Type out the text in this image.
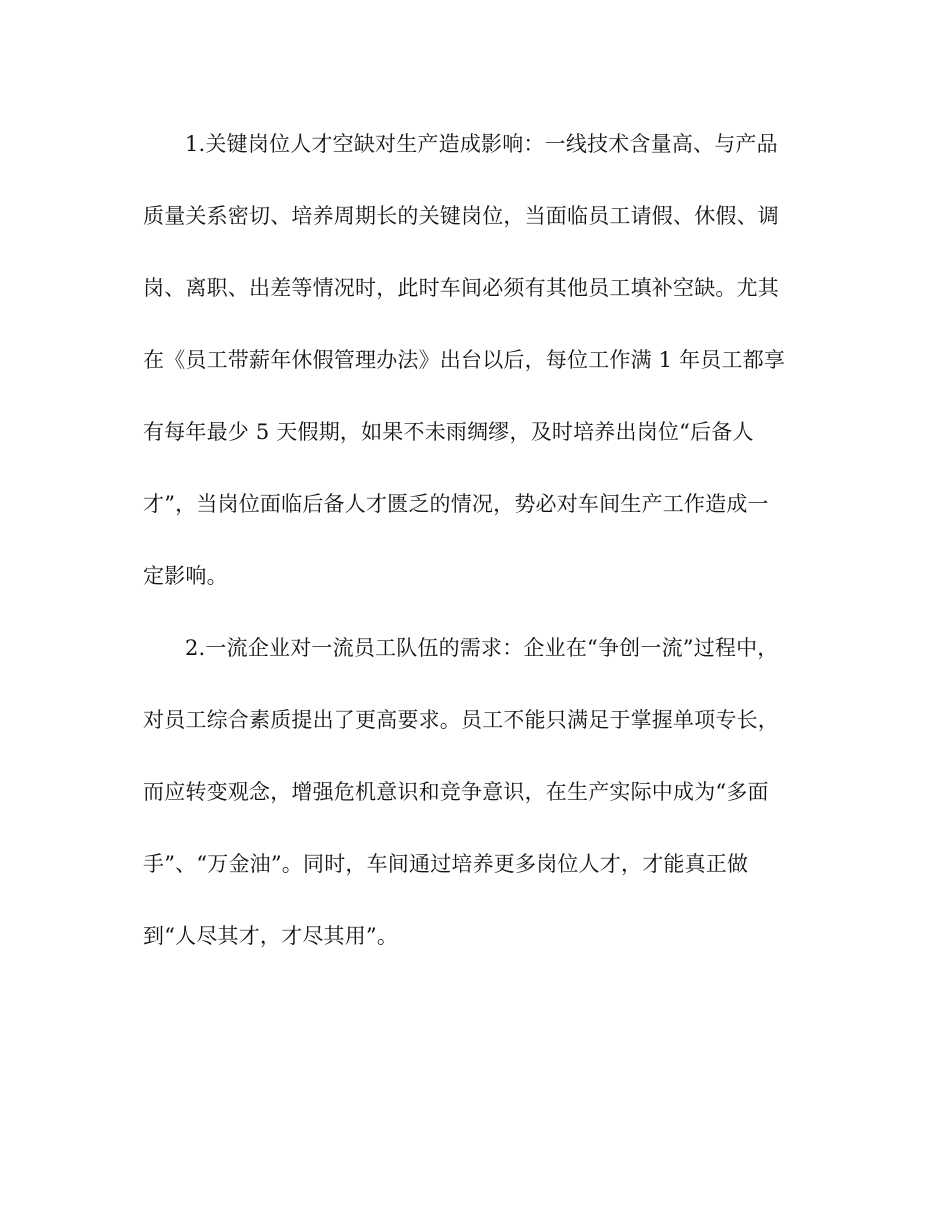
1.关键岗位人才空缺对生产造成影响：一线技术含量高、与产品
质量关系密切、培养周期长的关键岗位，当面临员工请假、休假、调
岗、离职、出差等情况时，此时车间必须有其他员工填补空缺。尤其
在《员工带薪年休假管理办法》出台以后，每位工作满 1 年员工都享
有每年最少 5 天假期，如果不未雨绸缪，及时培养出岗位“后备人
才”，当岗位面临后备人才匮乏的情况，势必对车间生产工作造成一
定影响。
2.一流企业对一流员工队伍的需求：企业在“争创一流”过程中，
对员工综合素质提出了更高要求。员工不能只满足于掌握单项专长，
而应转变观念，增强危机意识和竞争意识，在生产实际中成为“多面
手”、“万金油”。同时，车间通过培养更多岗位人才，才能真正做
到“人尽其才，才尽其用”。
